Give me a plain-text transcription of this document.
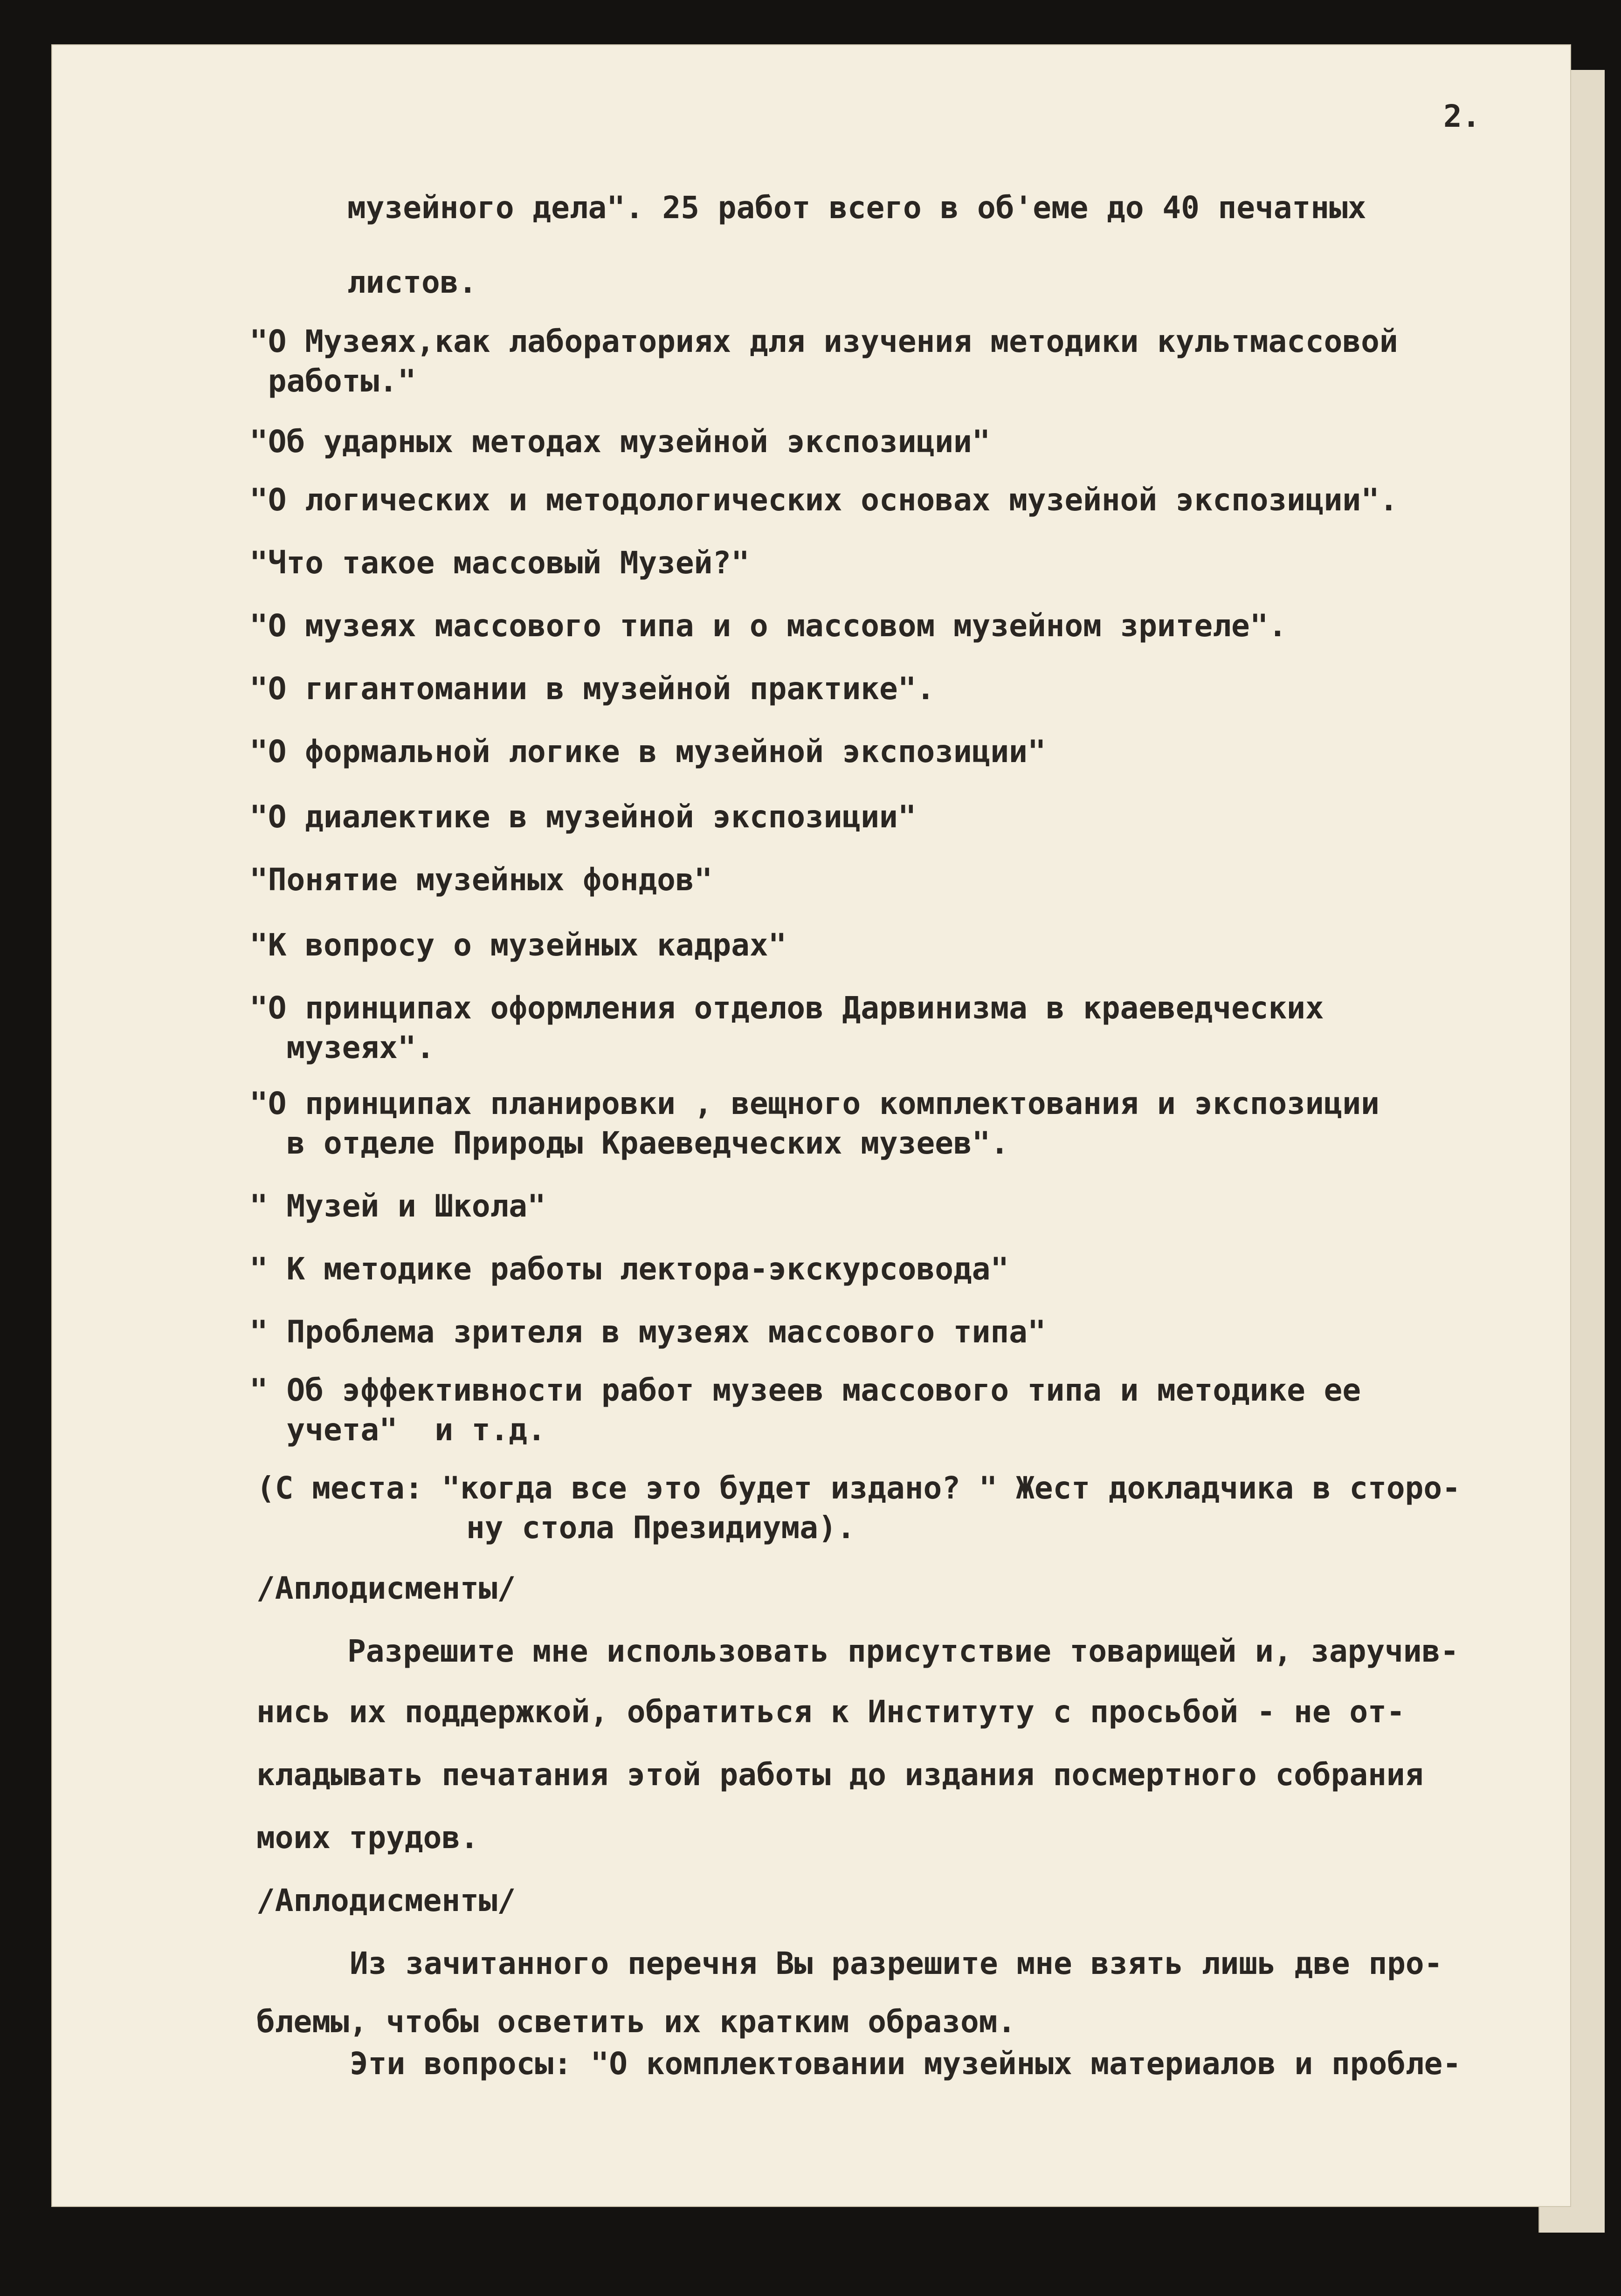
2.
музейного дела". 25 работ всего в об'еме до 40 печатных
листов.
"О Музеях,как лабораториях для изучения методики культмассовой
работы."
"Об ударных методах музейной экспозиции"
"О логических и методологических основах музейной экспозиции".
"Что такое массовый Музей?"
"О музеях массового типа и о массовом музейном зрителе".
"О гигантомании в музейной практике".
"О формальной логике в музейной экспозиции"
"О диалектике в музейной экспозиции"
"Понятие музейных фондов"
"К вопросу о музейных кадрах"
"О принципах оформления отделов Дарвинизма в краеведческих
музеях".
"О принципах планировки , вещного комплектования и экспозиции
в отделе Природы Краеведческих музеев".
" Музей и Школа"
" К методике работы лектора-экскурсовода"
" Проблема зрителя в музеях массового типа"
" Об эффективности работ музеев массового типа и методике ее
учета"  и т.д.
(С места: "когда все это будет издано? " Жест докладчика в сторо-
ну стола Президиума).
/Аплодисменты/
Разрешите мне использовать присутствие товарищей и, заручив-
нись их поддержкой, обратиться к Институту с просьбой - не от-
кладывать печатания этой работы до издания посмертного собрания
моих трудов.
/Аплодисменты/
Из зачитанного перечня Вы разрешите мне взять лишь две про-
блемы, чтобы осветить их кратким образом.
Эти вопросы: "О комплектовании музейных материалов и пробле-
